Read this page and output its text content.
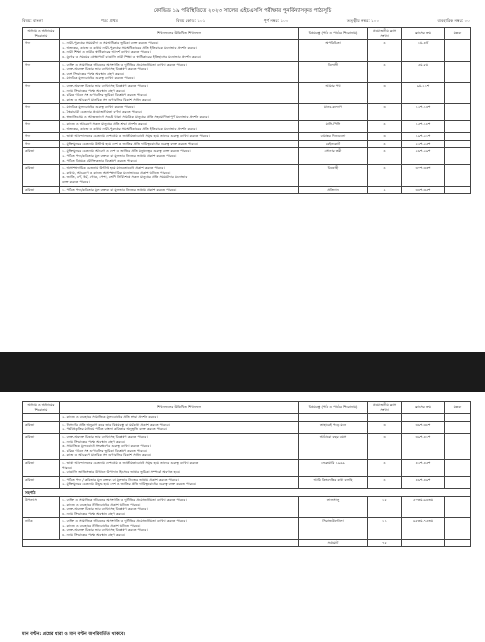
কোভিড ১৯ পরিস্থিতিতে ২০২৩ সালের এইচএসসি পরীক্ষার পুনর্বিন্যাসকৃত পাঠ্যসূচি
বিষয়: বাংলা	পত্র: প্রথম	বিষয় কোড: ১০১	পূর্ণ নম্বর: ১০০	তত্ত্বীয় নম্বর: ১০০	ব্যবহারিক নম্বর: ০০
অধ্যায় ও অধ্যায়ের শিরোনাম	শিখনফলের উল্লিখিত শিখনফল	বিষয়বস্তু (পাঠ ও পাঠের শিরোনাম)	প্রয়োজনীয় ক্লাস সংখ্যা	ক্লাসের ক্রম	মন্তব্য
গদ্য	১. নারী-পুরুষের সমমর্যাদা ও সমঅধিকার ভূমিকা ব্যক্ত করতে পারবে।
২. অভ্যন্তর, কাজে ও কথায় নারী-পুরুষের সমঅধিকারের প্রতি ইতিবাচক মনোভাব প্রদর্শন করবে।
৩. নারী শিক্ষা ও নারীর স্বাধিকারের আদর্শ ব্যাখ্যা করতে পারবে।
৪. যুগের ও সময়ের প্রেক্ষাপটে বাঙালি নারী শিক্ষা ও স্বাধিকারের ইতিহাসের মনোভাব প্রদর্শন করবে।	অপরিচিতা	৪	১ম-৪র্থ	
গদ্য	১. ব্যক্তি ও সামাজিক জীবনের অসংগতি ও দুর্নীতির প্রয়োজনীয়তা ব্যাখ্যা করতে পারবে।
২. ব্যক্ত-অব্যক্ত চিন্তার ভাব ব্যাখ্যাসহ বিশ্লেষণ করতে পারবে।
৩. ব্যঙ্গ সিদ্ধান্তের পক্ষে অবস্থান গ্রহণ করবে।
৪. মানবিক মূল্যবোধের গুরুত্ব ব্যাখ্যা করতে পারবে।	বিলাসী	৪	৫ম-৮ম	
গদ্য	১. ব্যক্ত-অব্যক্ত চিন্তার ভাব ব্যাখ্যাসহ বিশ্লেষণ করতে পারবে।
২. ন্যায় সিদ্ধান্তের পক্ষে অবস্থান গ্রহণ করবে।
৩. চরিত্র গঠনে সং গুণাবলির ভূমিকা বিশ্লেষণ করতে পারবে।
৪. কাজ ও আচরণে মানবিক সং গুণাবলির বিকাশ সাধন করবে।	আমার পথ	৩	৯ম-১১শ	
গদ্য	১. মানবিক মূল্যবোধের গুরুত্ব ব্যাখ্যা করতে পারবে।
২. স্বৈরাচারী চেতনার প্রয়োজনীয়তা বর্ণনা করতে পারবে।
৩. স্বজাতিপ্রেম ও আত্মত্যাগে সচেষ্ট থাকা সামগ্রিক মানুষের প্রতি সহযোগিতাপূর্ণ মনোভাব প্রদর্শন করবে।	মানব-কল্যাণ	৩	১২শ-১৪শ	
গদ্য	১. কাজে ও আচরণে সকল মানুষের প্রতি শ্রদ্ধা প্রদর্শন করবে।
২. অভ্যন্তর, কাজে ও কথায় নারী-পুরুষের সমঅধিকারের প্রতি ইতিবাচক মনোভাব প্রদর্শন করবে।	মাসি-পিসি	৪	১৫শ-১৮শ	
গদ্য	১. ভাষা আন্দোলনের চেতনায় দেশপ্রেম ও জাতীয়তাবোধে সমৃদ্ধ হয়ে তাদের গুরুত্ব ব্যাখ্যা করতে পারবে।	বায়ান্নর দিনগুলো	৩	১৯শ-২১শ	
গদ্য	১. মুক্তিযুদ্ধের চেতনায় উদ্দীপ্ত হয়ে দেশ ও জাতির প্রতি দায়িত্ববোধের গুরুত্ব ব্যক্ত করতে পারবে।	রেইনকোট	৪	২২শ-২৫শ	
কবিতা	১. মুক্তিযুদ্ধের চেতনায় আবেগ ও দেশ ও জাতির প্রতি মনুষ্যত্বের গুরুত্ব ব্যক্ত করতে পারবে।
২. পঠিত পদ্য/কবিতার মূল বক্তব্য বা মূলভাব নিজের ভাষায় প্রকাশ করতে পারবে।
৩. পঠিত বিষয়ক যৌক্তিকতার বিশ্লেষণ করতে পারবে।	সোনার তরী	৪	২৬শ-২৯শ	
কবিতা	১. অসাম্প্রদায়িক চেতনায় উদ্দীপ্ত হয়ে মানবতাবোধ প্রকাশ করতে পারবে।
২. কথায়, আচরণে ও কাজে অসাম্প্রদায়িক মনোভাবের প্রকাশ ঘটাতে পারবে।
৩. জাতি, বর্ণ, ধর্ম, গোত্র, পেশা, শ্রেণি নির্বিশেষে সকল মানুষের প্রতি সমমর্যাদার মনোভাব
ব্যক্ত করতে পারবে।	বিদ্রোহী	৪	৩০শ-৩৩শ	
কবিতা	১. পঠিত পদ্য/কবিতার মূল বক্তব্য বা মূলভাব নিজের ভাষায় প্রকাশ করতে পারবে।	প্রতিদান	২	৩৪শ-৩৫শ	
অধ্যায় ও অধ্যায়ের শিরোনাম	শিখনফলের উল্লিখিত শিখনফল	বিষয়বস্তু (পাঠ ও পাঠের শিরোনাম)	প্রয়োজনীয় ক্লাস সংখ্যা	ক্লাসের ক্রম	মন্তব্য

	২. কাজে ও ব্যবহারে সামাজিক মূল্যবোধের প্রতি শ্রদ্ধা প্রদর্শন করবে।				

কবিতা	১. নিসর্গের প্রতি অনুরাগ করে তার বিষয়বস্তু বা মর্মকথা প্রকাশ করতে পারবে।
২. পল্লীপ্রকৃতির মাধ্যমে পঠিত বাংলা কবিতার অনুভূতি ব্যক্ত করতে পারবে।	তাহারেই পড়ে মনে	৩	৩৬শ-৩৮শ	
কবিতা	১. ব্যক্ত-অব্যক্ত চিন্তার ভাব ব্যাখ্যাসহ বিশ্লেষণ করতে পারবে।
২. ন্যায় সিদ্ধান্তের পক্ষে অবস্থান গ্রহণ করবে।
৩. সামাজিক মূল্যবোধে সংরক্ষণের গুরুত্ব ব্যাখ্যা করতে পারবে।
৪. চরিত্র গঠনে সং গুণাবলির ভূমিকা বিশ্লেষণ করতে পারবে।
৫. কাজ ও আচরণে মানবিক সং গুণাবলির বিকাশ সাধন করবে।	আঠারো বছর বয়স	৩	৩৯শ-৪১শ	
কবিতা	১. ভাষা আন্দোলনের চেতনায় দেশপ্রেম ও জাতীয়তাবোধে সমৃদ্ধ হয়ে তাদের গুরুত্ব ব্যাখ্যা করতে
পারবে।
২. বাঙালি জাতিসত্তার উত্থানে উপাদান হিসেবে ভাষার ভূমিকা সম্পর্কে অবগত হবে।	ফেব্রুয়ারি ১৯৬৯	৪	৪২শ-৪৫শ	
কবিতা	১. পঠিত পদ্য / কবিতার মূল বক্তব্য বা মূলভাব নিজের ভাষায় প্রকাশ করতে পারবে।
২. মুক্তিযুদ্ধের চেতনায় উদ্বুদ্ধ হয়ে দেশ ও জাতির প্রতি দায়িত্ববোধের গুরুত্ব ব্যক্ত করতে পারবে।	আমি কিংবদন্তির কথা বলছি	৪	৪৬শ-৪৯শ	
সহপাঠ					
উপন্যাস	১. ব্যক্তি ও সামাজিক জীবনের অসংগতি ও দুর্নীতির প্রয়োজনীয়তা ব্যাখ্যা করতে পারবে।
২. কাজে ও ব্যবহারে নীতিবোধের প্রকাশ ঘটাতে পারবে।
৩. ব্যক্ত-অব্যক্ত চিন্তার ভাব ব্যাখ্যাসহ বিশ্লেষণ করতে পারবে।
৪. ন্যায় সিদ্ধান্তের পক্ষে অবস্থান গ্রহণ করবে।	লালসালু	১৫	৫০তম-৬৪তম	
নাটক	১. ব্যক্তি ও সামাজিক জীবনের অসংগতি ও দুর্নীতির প্রয়োজনীয়তা ব্যাখ্যা করতে পারবে।
২. কাজে ও ব্যবহারে নীতিবোধের প্রকাশ ঘটাতে পারবে।
৩. ব্যক্ত-অব্যক্ত চিন্তার ভাব ব্যাখ্যাসহ বিশ্লেষণ করতে পারবে।
৪. ন্যায় সিদ্ধান্তের পক্ষে অবস্থান গ্রহণ করবে।	সিরাজউদ্দৌলা	১১	৬৫তম-৭৫তম	
		সর্বমোট	৭৫		
মান বণ্টন: প্রশ্নের ধারা ও মান বণ্টন অপরিবর্তিত থাকবে।
